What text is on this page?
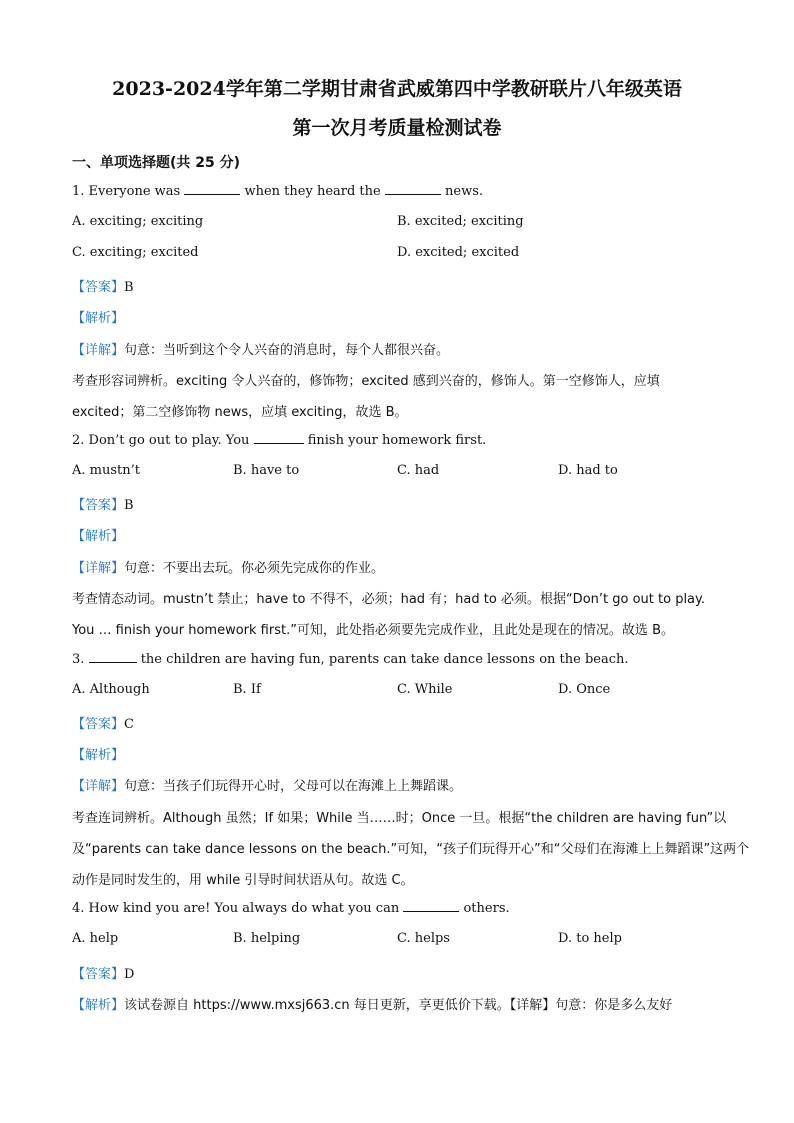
2023-2024学年第二学期甘肃省武威第四中学教研联片八年级英语
第一次月考质量检测试卷
一、单项选择题(共 25 分)
1. Everyone was	when they heard the	news.
A. exciting; exciting	B. excited; exciting
C. exciting; excited	D. excited; excited
【答案】B
【解析】
【详解】句意：当听到这个令人兴奋的消息时，每个人都很兴奋。
考查形容词辨析。exciting 令人兴奋的，修饰物；excited 感到兴奋的，修饰人。第一空修饰人，应填
excited；第二空修饰物 news，应填 exciting，故选 B。
2. Don’t go out to play. You	finish your homework first.
A. mustn’t	B. have to	C. had	D. had to
【答案】B
【解析】
【详解】句意：不要出去玩。你必须先完成你的作业。
考查情态动词。mustn’t 禁止；have to 不得不，必须；had 有；had to 必须。根据“Don’t go out to play.
You … finish your homework first.”可知，此处指必须要先完成作业，且此处是现在的情况。故选 B。
3.	the children are having fun, parents can take dance lessons on the beach.
A. Although	B. If	C. While	D. Once
【答案】C
【解析】
【详解】句意：当孩子们玩得开心时，父母可以在海滩上上舞蹈课。
考查连词辨析。Although 虽然；If 如果；While 当……时；Once 一旦。根据“the children are having fun”以
及“parents can take dance lessons on the beach.”可知，“孩子们玩得开心”和“父母们在海滩上上舞蹈课”这两个
动作是同时发生的，用 while 引导时间状语从句。故选 C。
4. How kind you are! You always do what you can	others.
A. help	B. helping	C. helps	D. to help
【答案】D
【解析】该试卷源自 https://www.mxsj663.cn 每日更新，享更低价下载。【详解】句意：你是多么友好
